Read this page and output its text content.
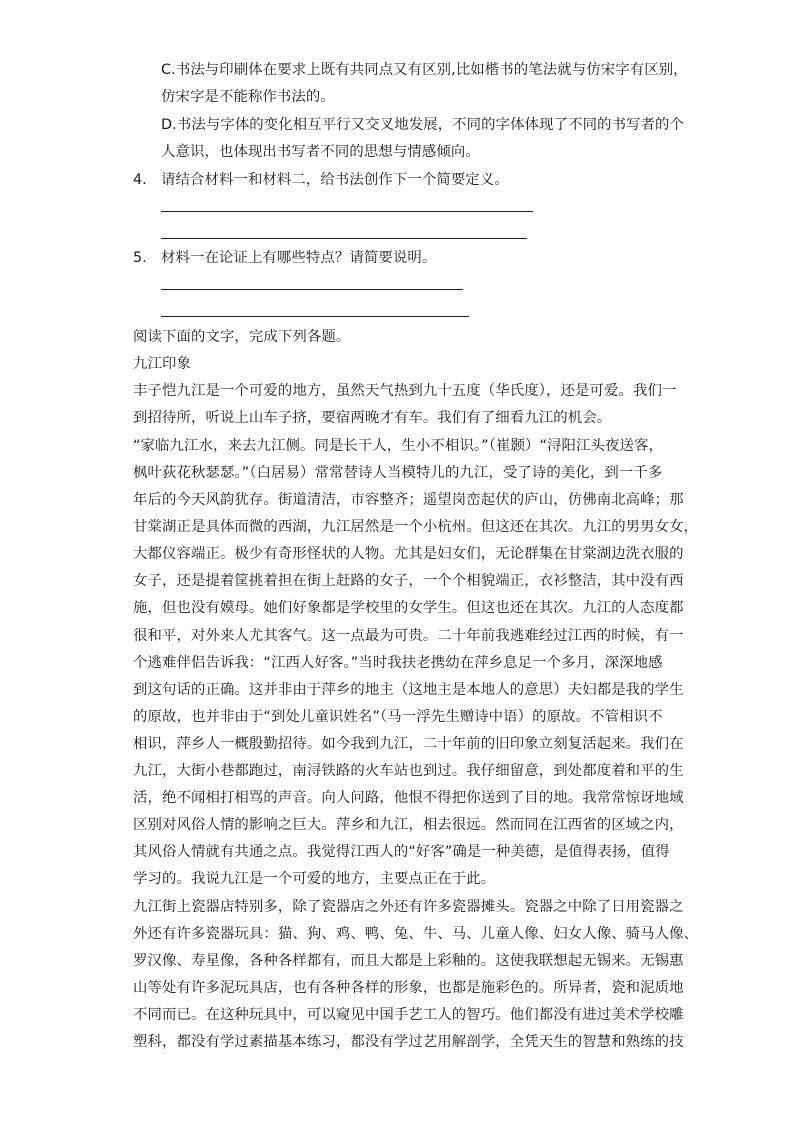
C.书法与印刷体在要求上既有共同点又有区别,比如楷书的笔法就与仿宋字有区别，
仿宋字是不能称作书法的。
D.书法与字体的变化相互平行又交叉地发展，不同的字体体现了不同的书写者的个
人意识，也体现出书写者不同的思想与情感倾向。
4. 请结合材料一和材料二，给书法创作下一个简要定义。
5. 材料一在论证上有哪些特点？请简要说明。
阅读下面的文字，完成下列各题。
九江印象
丰子恺九江是一个可爱的地方，虽然天气热到九十五度（华氏度），还是可爱。我们一
到招待所，听说上山车子挤，要宿两晚才有车。我们有了细看九江的机会。
“家临九江水，来去九江侧。同是长干人，生小不相识。”（崔颢）“浔阳江头夜送客，
枫叶荻花秋瑟瑟。”（白居易）常常替诗人当模特儿的九江，受了诗的美化，到一千多
年后的今天风韵犹存。街道清洁，市容整齐；遥望岗峦起伏的庐山，仿佛南北高峰；那
甘棠湖正是具体而微的西湖，九江居然是一个小杭州。但这还在其次。九江的男男女女，
大都仪容端正。极少有奇形怪状的人物。尤其是妇女们，无论群集在甘棠湖边洗衣服的
女子，还是提着筐挑着担在街上赶路的女子，一个个相貌端正，衣衫整洁，其中没有西
施，但也没有嫫母。她们好象都是学校里的女学生。但这也还在其次。九江的人态度都
很和平，对外来人尤其客气。这一点最为可贵。二十年前我逃难经过江西的时候，有一
个逃难伴侣告诉我：“江西人好客。”当时我扶老携幼在萍乡息足一个多月，深深地感
到这句话的正确。这并非由于萍乡的地主（这地主是本地人的意思）夫妇都是我的学生
的原故，也并非由于“到处儿童识姓名”（马一浮先生赠诗中语）的原故。不管相识不
相识，萍乡人一概殷勤招待。如今我到九江，二十年前的旧印象立刻复活起来。我们在
九江，大街小巷都跑过，南浔铁路的火车站也到过。我仔细留意，到处都度着和平的生
活，绝不闻相打相骂的声音。向人问路，他恨不得把你送到了目的地。我常常惊讶地域
区别对风俗人情的影响之巨大。萍乡和九江，相去很远。然而同在江西省的区域之内，
其风俗人情就有共通之点。我觉得江西人的“好客”确是一种美德，是值得表扬，值得
学习的。我说九江是一个可爱的地方，主要点正在于此。
九江街上瓷器店特别多，除了瓷器店之外还有许多瓷器摊头。瓷器之中除了日用瓷器之
外还有许多瓷器玩具：猫、狗、鸡、鸭、兔、牛、马、儿童人像、妇女人像、骑马人像、
罗汉像、寿星像，各种各样都有，而且大都是上彩釉的。这使我联想起无锡来。无锡惠
山等处有许多泥玩具店，也有各种各样的形象，也都是施彩色的。所异者，瓷和泥质地
不同而已。在这种玩具中，可以窥见中国手艺工人的智巧。他们都没有进过美术学校雕
塑科，都没有学过素描基本练习，都没有学过艺用解剖学，全凭天生的智慧和熟练的技
